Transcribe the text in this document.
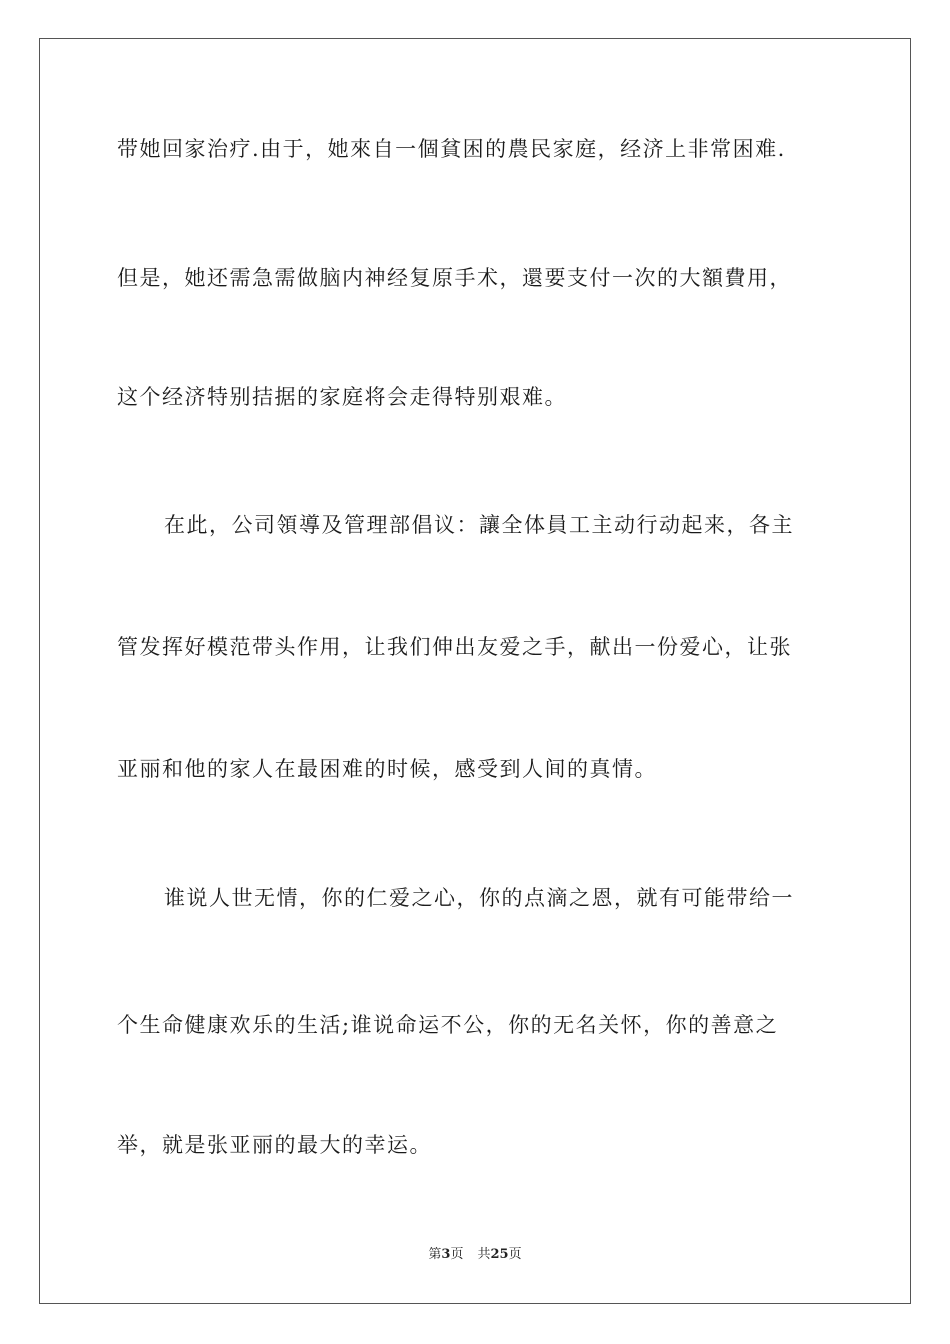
带她回家治疗.由于，她來自一個貧困的農民家庭，经济上非常困难.
但是，她还需急需做脑内神经复原手术，還要支付一次的大額費用，
这个经济特别拮据的家庭将会走得特别艰难。
在此，公司領導及管理部倡议：讓全体員工主动行动起来，各主
管发挥好模范带头作用，让我们伸出友爱之手，献出一份爱心，让张
亚丽和他的家人在最困难的时候，感受到人间的真情。
谁说人世无情，你的仁爱之心，你的点滴之恩，就有可能带给一
个生命健康欢乐的生活;谁说命运不公，你的无名关怀，你的善意之
举，就是张亚丽的最大的幸运。
第3页 共25页
